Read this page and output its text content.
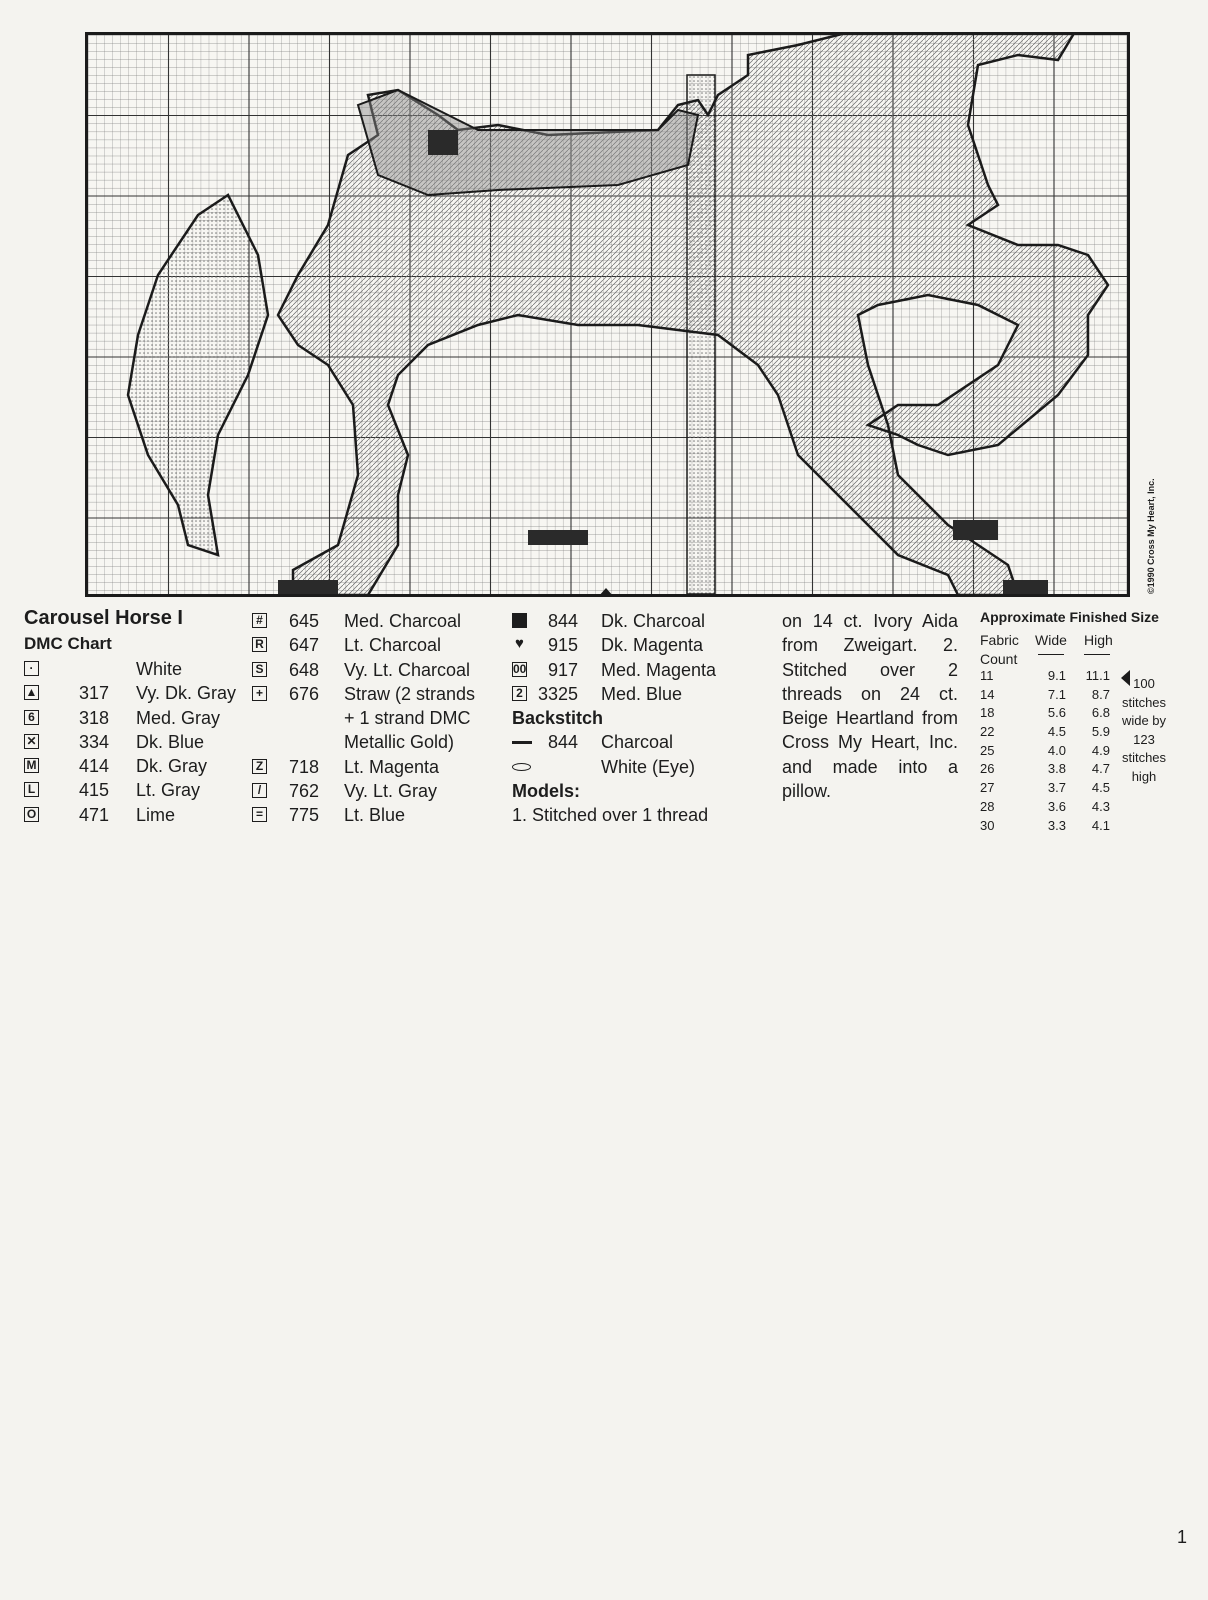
©1990 Cross My Heart, Inc.
Carousel Horse I
DMC Chart
·	White
▲	317 Vy. Dk. Gray
6	318 Med. Gray
✕	334 Dk. Blue
M	414 Dk. Gray
L	415 Lt. Gray
O	471 Lime
#	645 Med. Charcoal
R	647 Lt. Charcoal
S	648 Vy. Lt. Charcoal
+	676 Straw (2 strands
+ 1 strand DMC
Metallic Gold)
Z	718 Lt. Magenta
/	762 Vy. Lt. Gray
=	775 Lt. Blue
844 Dk. Charcoal
♥	915 Dk. Magenta
00	917 Med. Magenta
2 3325 Med. Blue
Backstitch
844 Charcoal
White (Eye)
Models:
1. Stitched over 1 thread
on 14 ct. Ivory Aida from Zweigart. 2. Stitched over 2 threads on 24 ct. Beige Heartland from Cross My Heart, Inc. and made into a pillow.
Approximate Finished Size
Fabric
Count
Wide High
11	9.1 11.1
14	7.1	8.7
18	5.6	6.8
22	4.5	5.9
25	4.0	4.9
26	3.8	4.7
27	3.7	4.5
28	3.6	4.3
30	3.3	4.1
100 stitches wide by 123 stitches high
1
